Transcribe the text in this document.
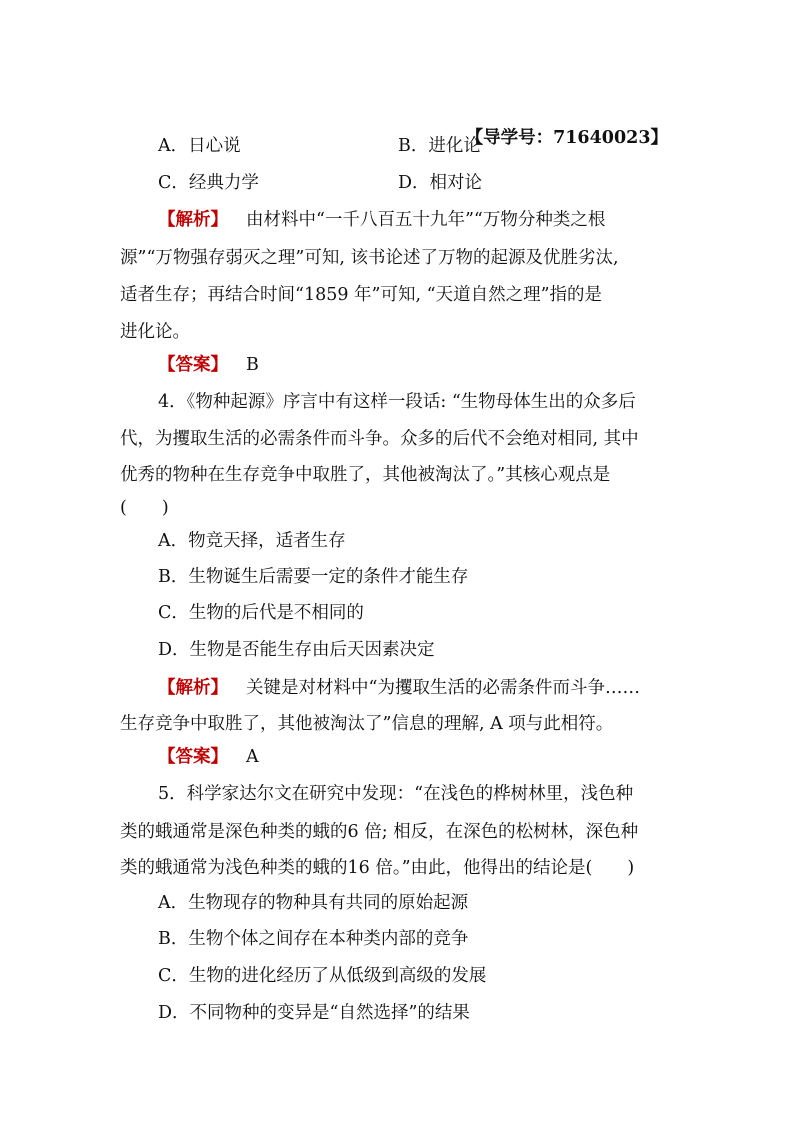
【导学号：71640023】
A．日心说	B．进化论
C．经典力学	D．相对论
【解析】 由材料中“一千八百五十九年”“万物分种类之根
源”“万物强存弱灭之理”可知, 该书论述了万物的起源及优胜劣汰,
适者生存；再结合时间“1859 年”可知, “天道自然之理”指的是
进化论。
【答案】 B
4．《物种起源》序言中有这样一段话: “生物母体生出的众多后
代，为攫取生活的必需条件而斗争。众多的后代不会绝对相同, 其中
优秀的物种在生存竞争中取胜了，其他被淘汰了。”其核心观点是
(　　)
A．物竞天择，适者生存
B．生物诞生后需要一定的条件才能生存
C．生物的后代是不相同的
D．生物是否能生存由后天因素决定
【解析】 关键是对材料中“为攫取生活的必需条件而斗争……
生存竞争中取胜了，其他被淘汰了”信息的理解, A 项与此相符。
【答案】 A
5．科学家达尔文在研究中发现：“在浅色的桦树林里，浅色种
类的蛾通常是深色种类的蛾的6 倍; 相反，在深色的松树林，深色种
类的蛾通常为浅色种类的蛾的16 倍。”由此，他得出的结论是(　　)
A．生物现存的物种具有共同的原始起源
B．生物个体之间存在本种类内部的竞争
C．生物的进化经历了从低级到高级的发展
D．不同物种的变异是“自然选择”的结果
